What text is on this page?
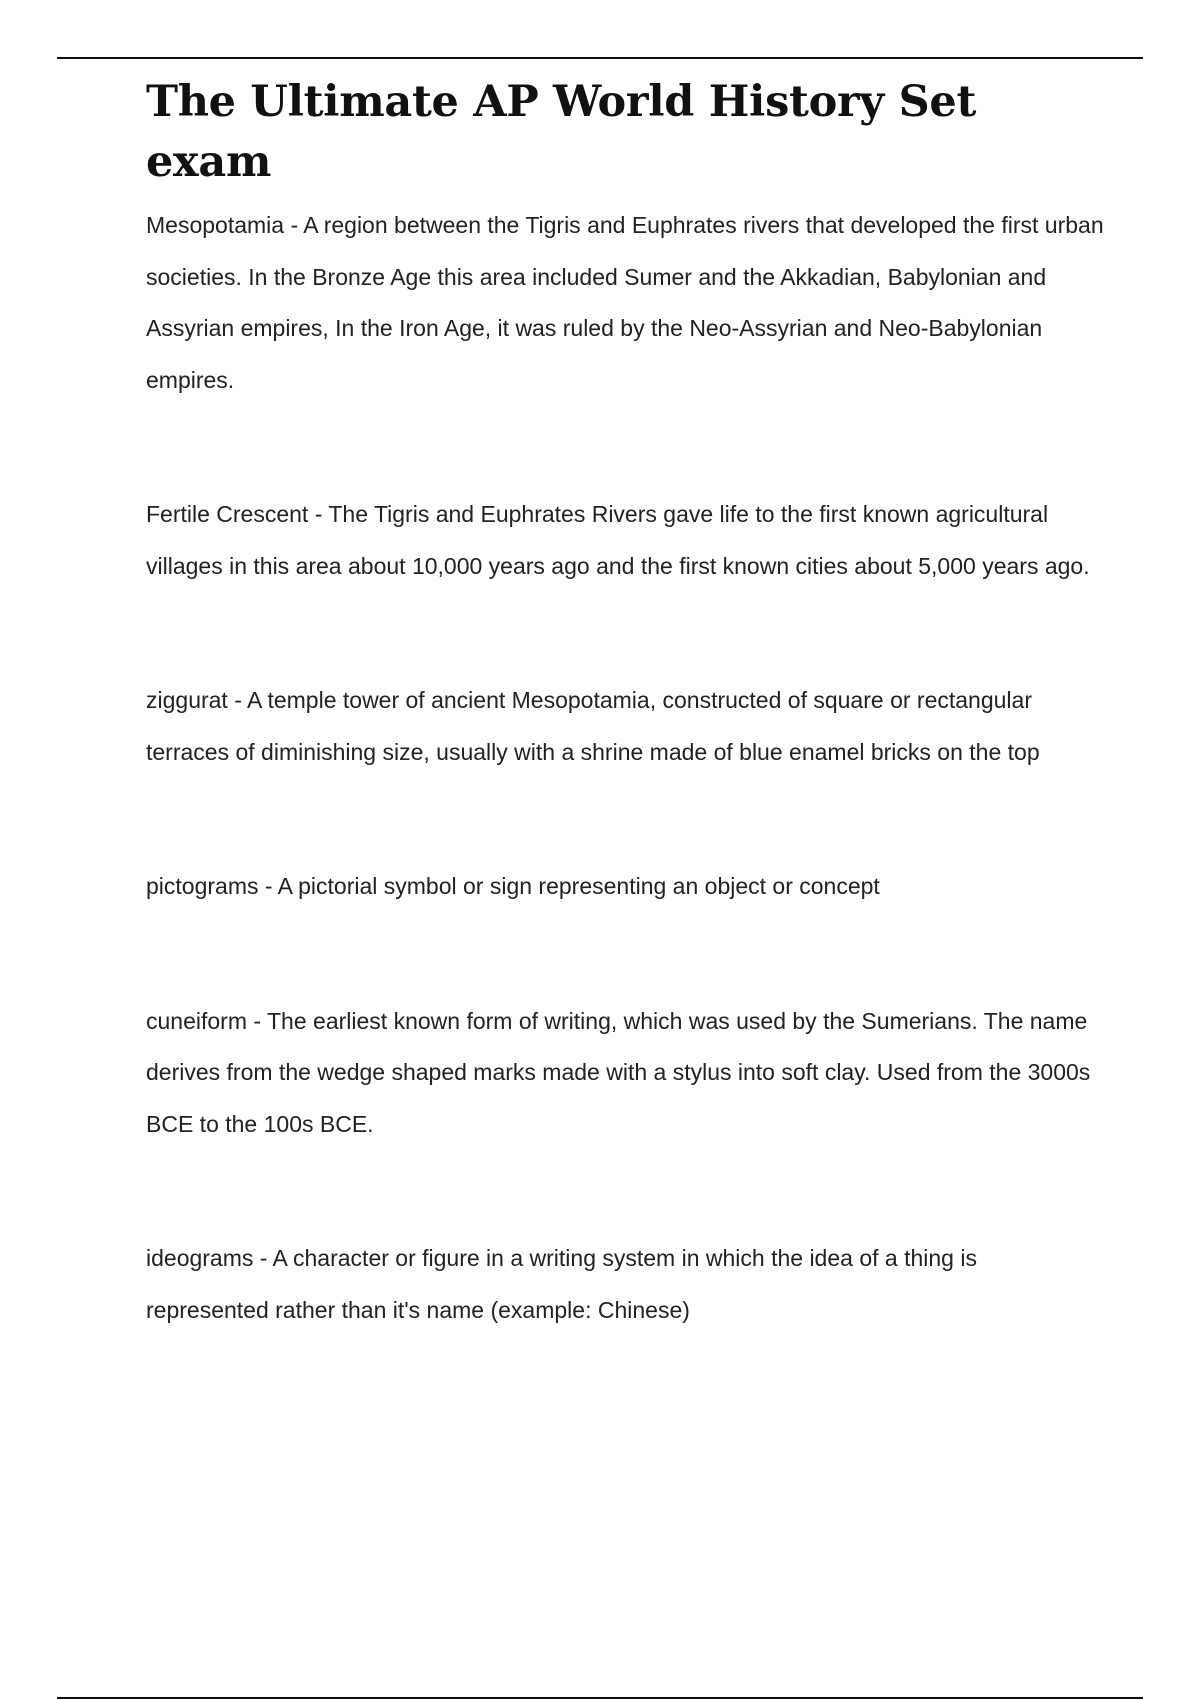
The Ultimate AP World History Set exam
Mesopotamia - A region between the Tigris and Euphrates rivers that developed the first urban societies. In the Bronze Age this area included Sumer and the Akkadian, Babylonian and Assyrian empires, In the Iron Age, it was ruled by the Neo-Assyrian and Neo-Babylonian empires.
Fertile Crescent - The Tigris and Euphrates Rivers gave life to the first known agricultural villages in this area about 10,000 years ago and the first known cities about 5,000 years ago.
ziggurat - A temple tower of ancient Mesopotamia, constructed of square or rectangular terraces of diminishing size, usually with a shrine made of blue enamel bricks on the top
pictograms - A pictorial symbol or sign representing an object or concept
cuneiform - The earliest known form of writing, which was used by the Sumerians. The name derives from the wedge shaped marks made with a stylus into soft clay. Used from the 3000s BCE to the 100s BCE.
ideograms - A character or figure in a writing system in which the idea of a thing is represented rather than it's name (example: Chinese)
